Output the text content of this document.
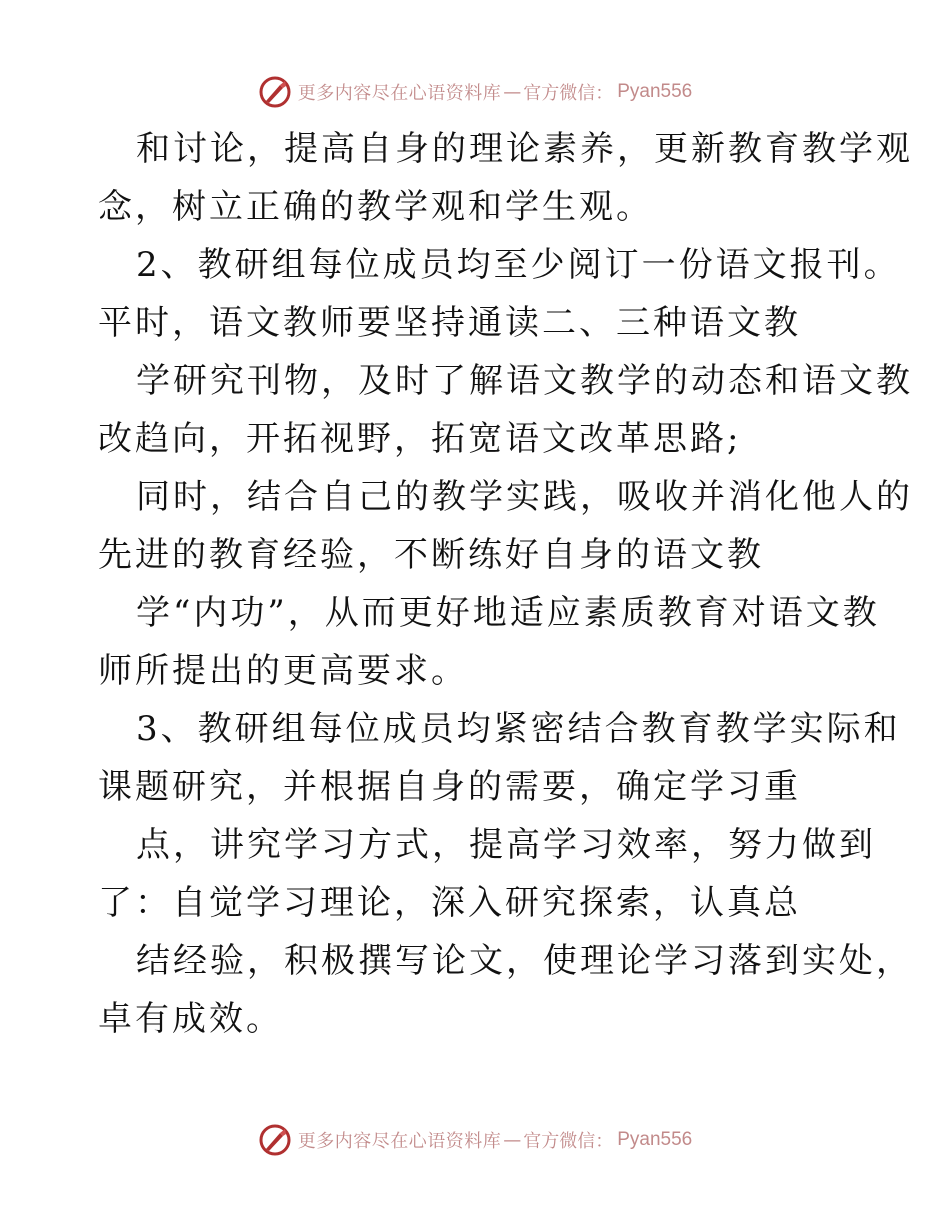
更多内容尽在心语资料库 — 官方微信： Pyan556
和讨论，提高自身的理论素养，更新教育教学观
念，树立正确的教学观和学生观。
2、教研组每位成员均至少阅订一份语文报刊。
平时，语文教师要坚持通读二、三种语文教
学研究刊物，及时了解语文教学的动态和语文教
改趋向，开拓视野，拓宽语文改革思路;
同时，结合自己的教学实践，吸收并消化他人的
先进的教育经验，不断练好自身的语文教
学“内功”，从而更好地适应素质教育对语文教
师所提出的更高要求。
3、教研组每位成员均紧密结合教育教学实际和
课题研究，并根据自身的需要，确定学习重
点，讲究学习方式，提高学习效率，努力做到
了：自觉学习理论，深入研究探索，认真总
结经验，积极撰写论文，使理论学习落到实处，
卓有成效。
更多内容尽在心语资料库 — 官方微信： Pyan556
